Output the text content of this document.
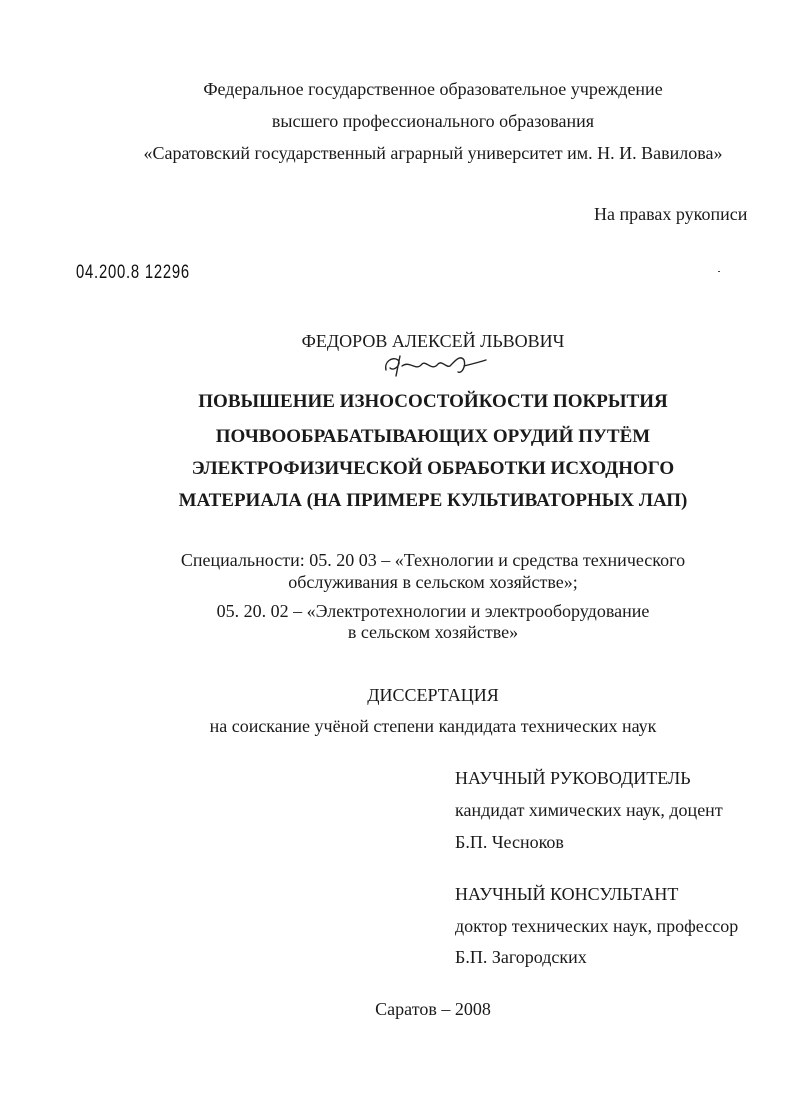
Федеральное государственное образовательное учреждение
высшего профессионального образования
«Саратовский государственный аграрный университет им. Н. И. Вавилова»
На правах рукописи
04.200.8 12296
ФЕДОРОВ АЛЕКСЕЙ ЛЬВОВИЧ
ПОВЫШЕНИЕ ИЗНОСОСТОЙКОСТИ ПОКРЫТИЯ
ПОЧВООБРАБАТЫВАЮЩИХ ОРУДИЙ ПУТЁМ
ЭЛЕКТРОФИЗИЧЕСКОЙ ОБРАБОТКИ ИСХОДНОГО
МАТЕРИАЛА (НА ПРИМЕРЕ КУЛЬТИВАТОРНЫХ ЛАП)
Специальности: 05. 20 03 – «Технологии и средства технического
обслуживания в сельском хозяйстве»;
05. 20. 02 – «Электротехнологии и электрооборудование
в сельском хозяйстве»
ДИССЕРТАЦИЯ
на соискание учёной степени кандидата технических наук
НАУЧНЫЙ РУКОВОДИТЕЛЬ
кандидат химических наук, доцент
Б.П. Чесноков
НАУЧНЫЙ КОНСУЛЬТАНТ
доктор технических наук, профессор
Б.П. Загородских
Саратов – 2008
